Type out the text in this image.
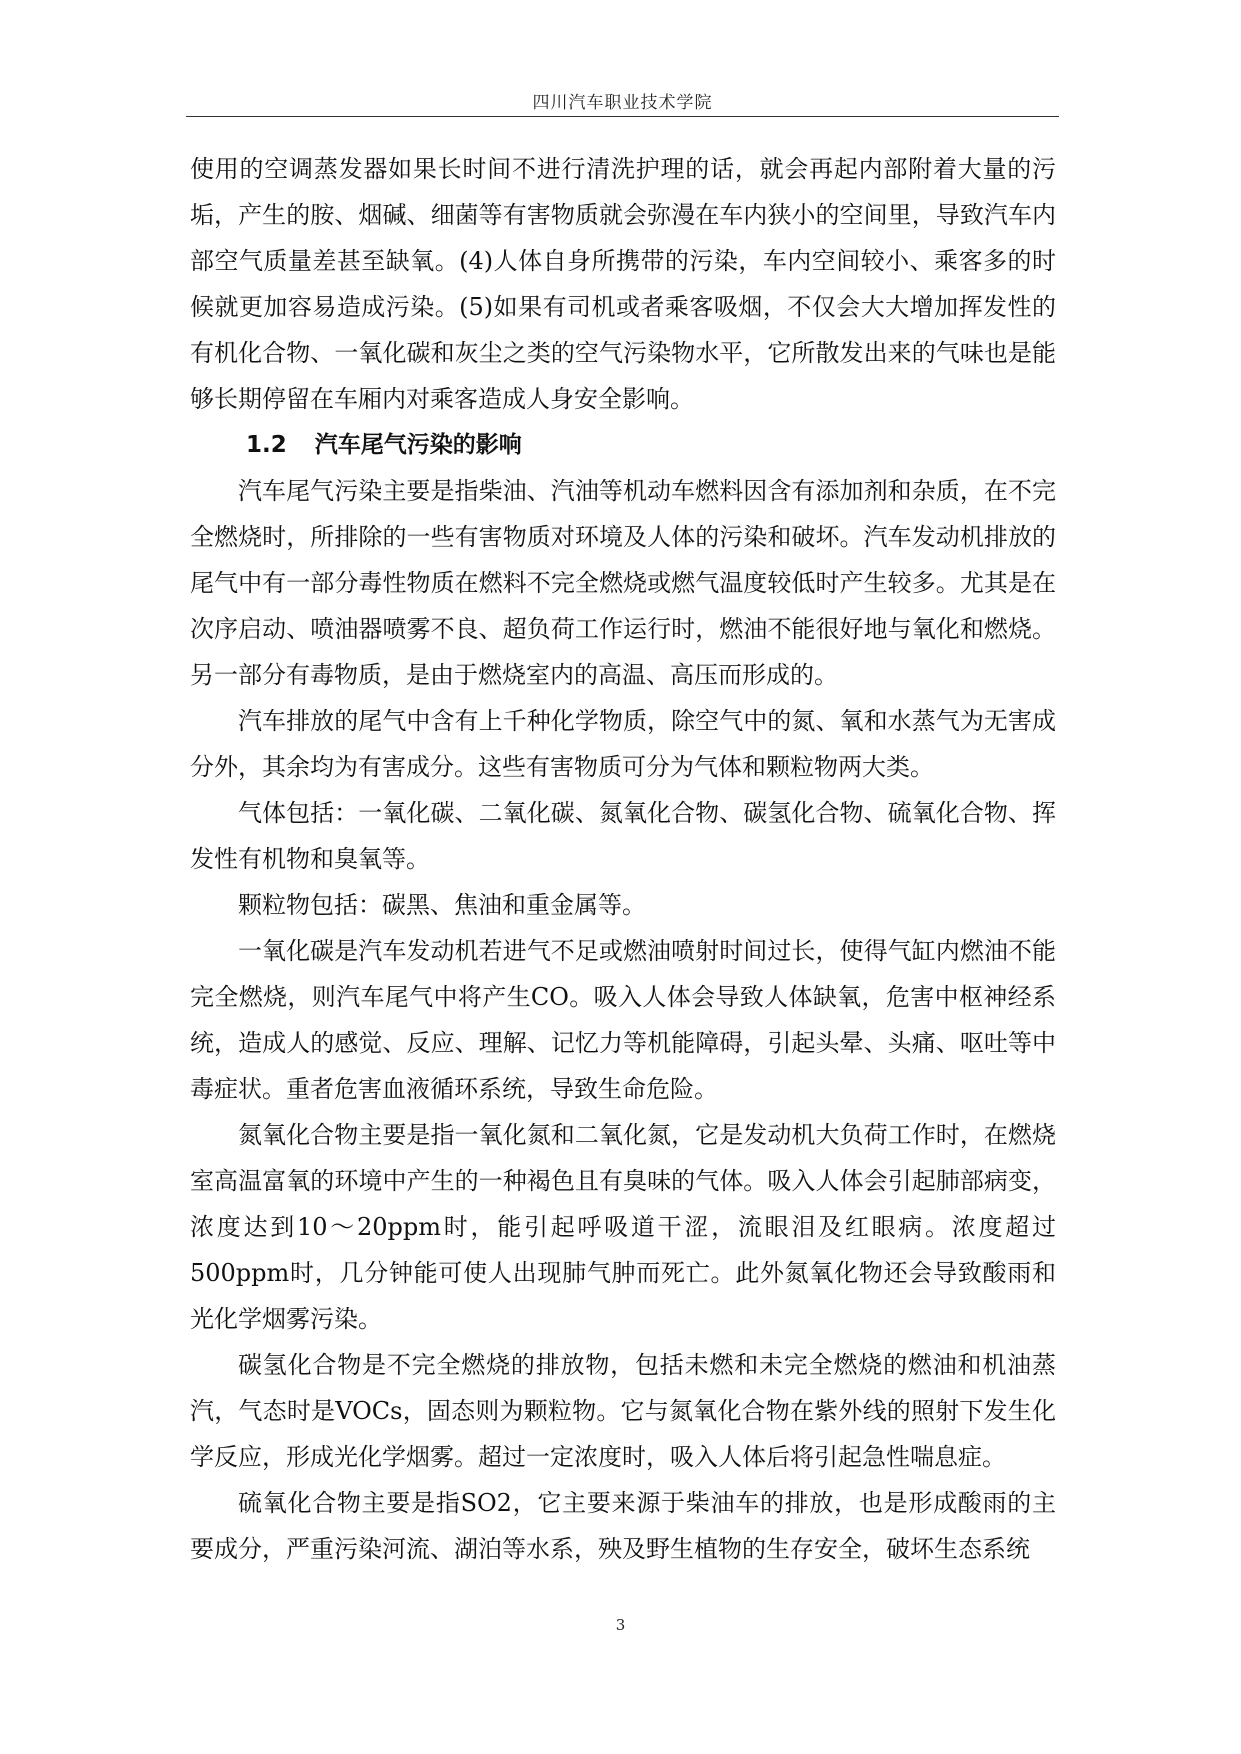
四川汽车职业技术学院

使用的空调蒸发器如果长时间不进行清洗护理的话，就会再起内部附着大量的污垢，产生的胺、烟碱、细菌等有害物质就会弥漫在车内狭小的空间里，导致汽车内部空气质量差甚至缺氧。(4)人体自身所携带的污染，车内空间较小、乘客多的时候就更加容易造成污染。(5)如果有司机或者乘客吸烟，不仅会大大增加挥发性的有机化合物、一氧化碳和灰尘之类的空气污染物水平，它所散发出来的气味也是能够长期停留在车厢内对乘客造成人身安全影响。

1.2 汽车尾气污染的影响

汽车尾气污染主要是指柴油、汽油等机动车燃料因含有添加剂和杂质，在不完全燃烧时，所排除的一些有害物质对环境及人体的污染和破坏。汽车发动机排放的尾气中有一部分毒性物质在燃料不完全燃烧或燃气温度较低时产生较多。尤其是在次序启动、喷油器喷雾不良、超负荷工作运行时，燃油不能很好地与氧化和燃烧。另一部分有毒物质，是由于燃烧室内的高温、高压而形成的。

汽车排放的尾气中含有上千种化学物质，除空气中的氮、氧和水蒸气为无害成分外，其余均为有害成分。这些有害物质可分为气体和颗粒物两大类。

气体包括：一氧化碳、二氧化碳、氮氧化合物、碳氢化合物、硫氧化合物、挥发性有机物和臭氧等。

颗粒物包括：碳黑、焦油和重金属等。

一氧化碳是汽车发动机若进气不足或燃油喷射时间过长，使得气缸内燃油不能完全燃烧，则汽车尾气中将产生CO。吸入人体会导致人体缺氧，危害中枢神经系统，造成人的感觉、反应、理解、记忆力等机能障碍，引起头晕、头痛、呕吐等中毒症状。重者危害血液循环系统，导致生命危险。

氮氧化合物主要是指一氧化氮和二氧化氮，它是发动机大负荷工作时，在燃烧室高温富氧的环境中产生的一种褐色且有臭味的气体。吸入人体会引起肺部病变，浓度达到10～20ppm时，能引起呼吸道干涩，流眼泪及红眼病。浓度超过500ppm时，几分钟能可使人出现肺气肿而死亡。此外氮氧化物还会导致酸雨和光化学烟雾污染。

碳氢化合物是不完全燃烧的排放物，包括未燃和未完全燃烧的燃油和机油蒸汽，气态时是VOCs，固态则为颗粒物。它与氮氧化合物在紫外线的照射下发生化学反应，形成光化学烟雾。超过一定浓度时，吸入人体后将引起急性喘息症。

硫氧化合物主要是指SO2，它主要来源于柴油车的排放，也是形成酸雨的主要成分，严重污染河流、湖泊等水系，殃及野生植物的生存安全，破坏生态系统

3
